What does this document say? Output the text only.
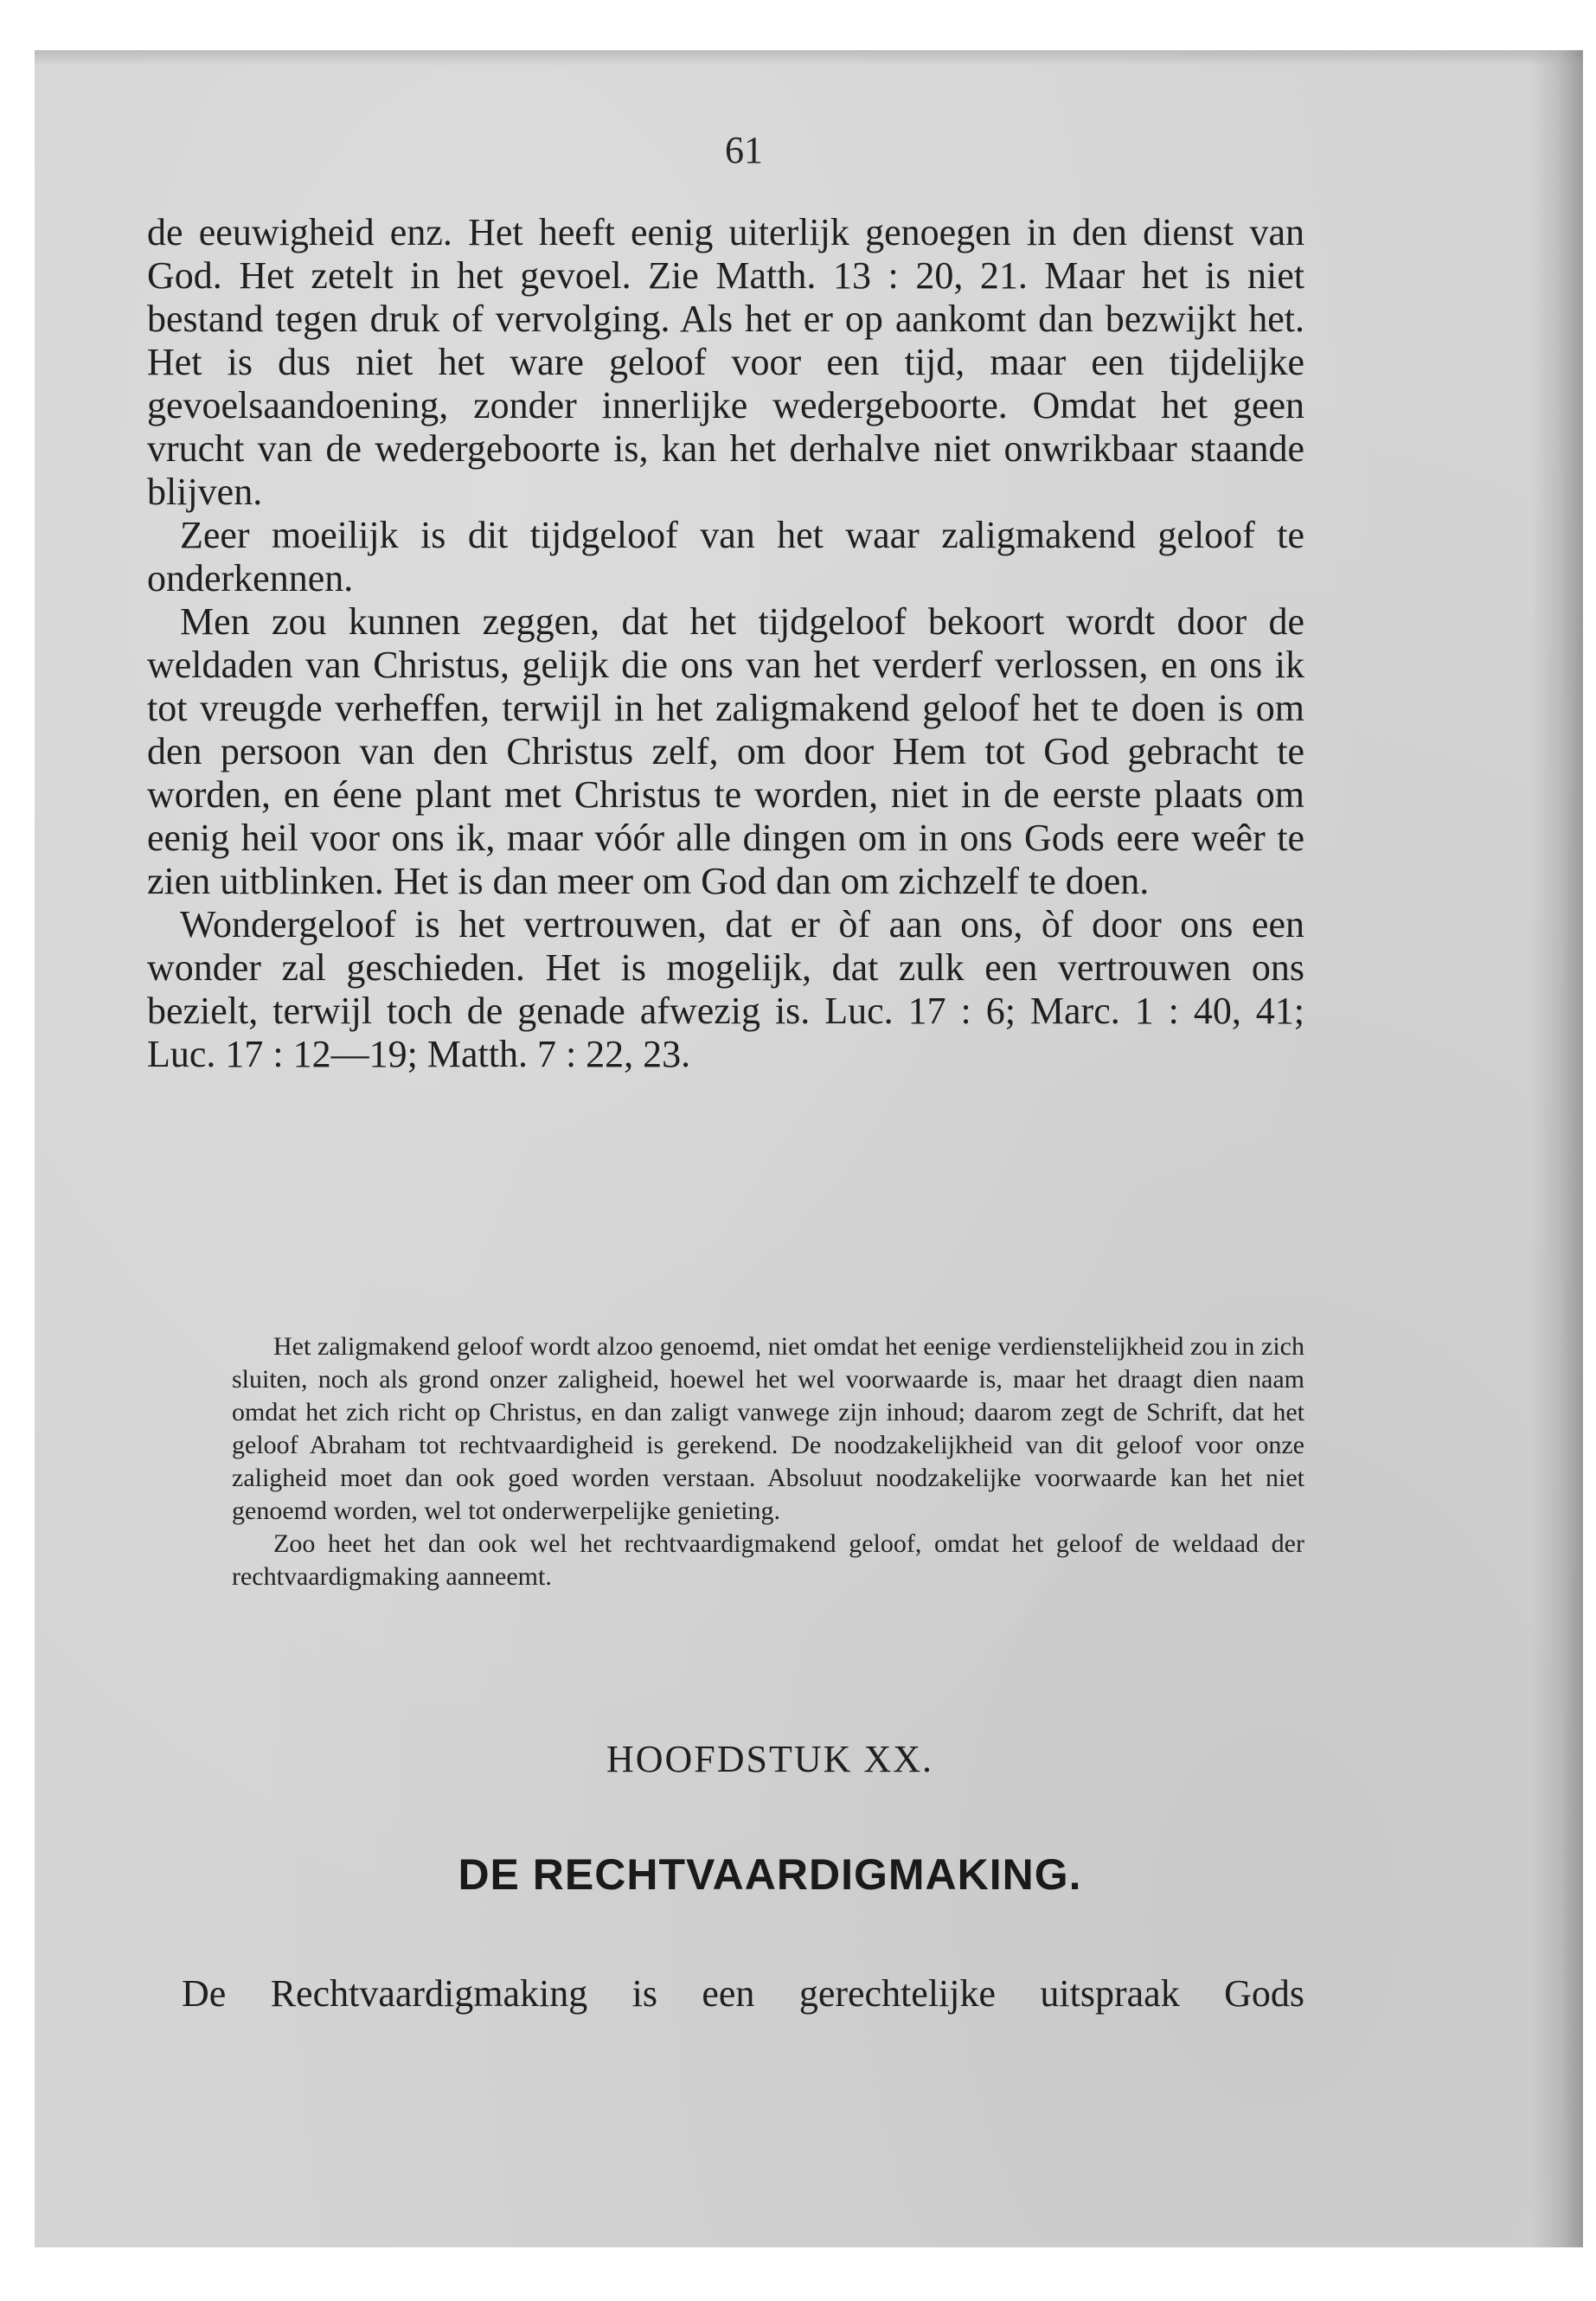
61

de eeuwigheid enz. Het heeft eenig uiterlijk genoegen in den dienst van God. Het zetelt in het gevoel. Zie Matth. 13 : 20, 21. Maar het is niet bestand tegen druk of vervolging. Als het er op aankomt dan bezwijkt het. Het is dus niet het ware geloof voor een tijd, maar een tijdelijke gevoelsaandoening, zonder innerlijke wedergeboorte. Omdat het geen vrucht van de wedergeboorte is, kan het derhalve niet onwrikbaar staande blijven.

Zeer moeilijk is dit tijdgeloof van het waar zaligmakend geloof te onderkennen.

Men zou kunnen zeggen, dat het tijdgeloof bekoort wordt door de weldaden van Christus, gelijk die ons van het verderf verlossen, en ons ik tot vreugde verheffen, terwijl in het zaligmakend geloof het te doen is om den persoon van den Christus zelf, om door Hem tot God gebracht te worden, en éene plant met Christus te worden, niet in de eerste plaats om eenig heil voor ons ik, maar vóór alle dingen om in ons Gods eere weêr te zien uitblinken. Het is dan meer om God dan om zichzelf te doen.

Wondergeloof is het vertrouwen, dat er òf aan ons, òf door ons een wonder zal geschieden. Het is mogelijk, dat zulk een vertrouwen ons bezielt, terwijl toch de genade afwezig is. Luc. 17 : 6; Marc. 1 : 40, 41; Luc. 17 : 12—19; Matth. 7 : 22, 23.

Het zaligmakend geloof wordt alzoo genoemd, niet omdat het eenige verdienstelijkheid zou in zich sluiten, noch als grond onzer zaligheid, hoewel het wel voorwaarde is, maar het draagt dien naam omdat het zich richt op Christus, en dan zaligt vanwege zijn inhoud; daarom zegt de Schrift, dat het geloof Abraham tot rechtvaardigheid is gerekend. De noodzakelijkheid van dit geloof voor onze zaligheid moet dan ook goed worden verstaan. Absoluut noodzakelijke voorwaarde kan het niet genoemd worden, wel tot onderwerpelijke genieting.

Zoo heet het dan ook wel het rechtvaardigmakend geloof, omdat het geloof de weldaad der rechtvaardigmaking aanneemt.

HOOFDSTUK XX.
DE RECHTVAARDIGMAKING.
De Rechtvaardigmaking is een gerechtelijke uitspraak Gods
